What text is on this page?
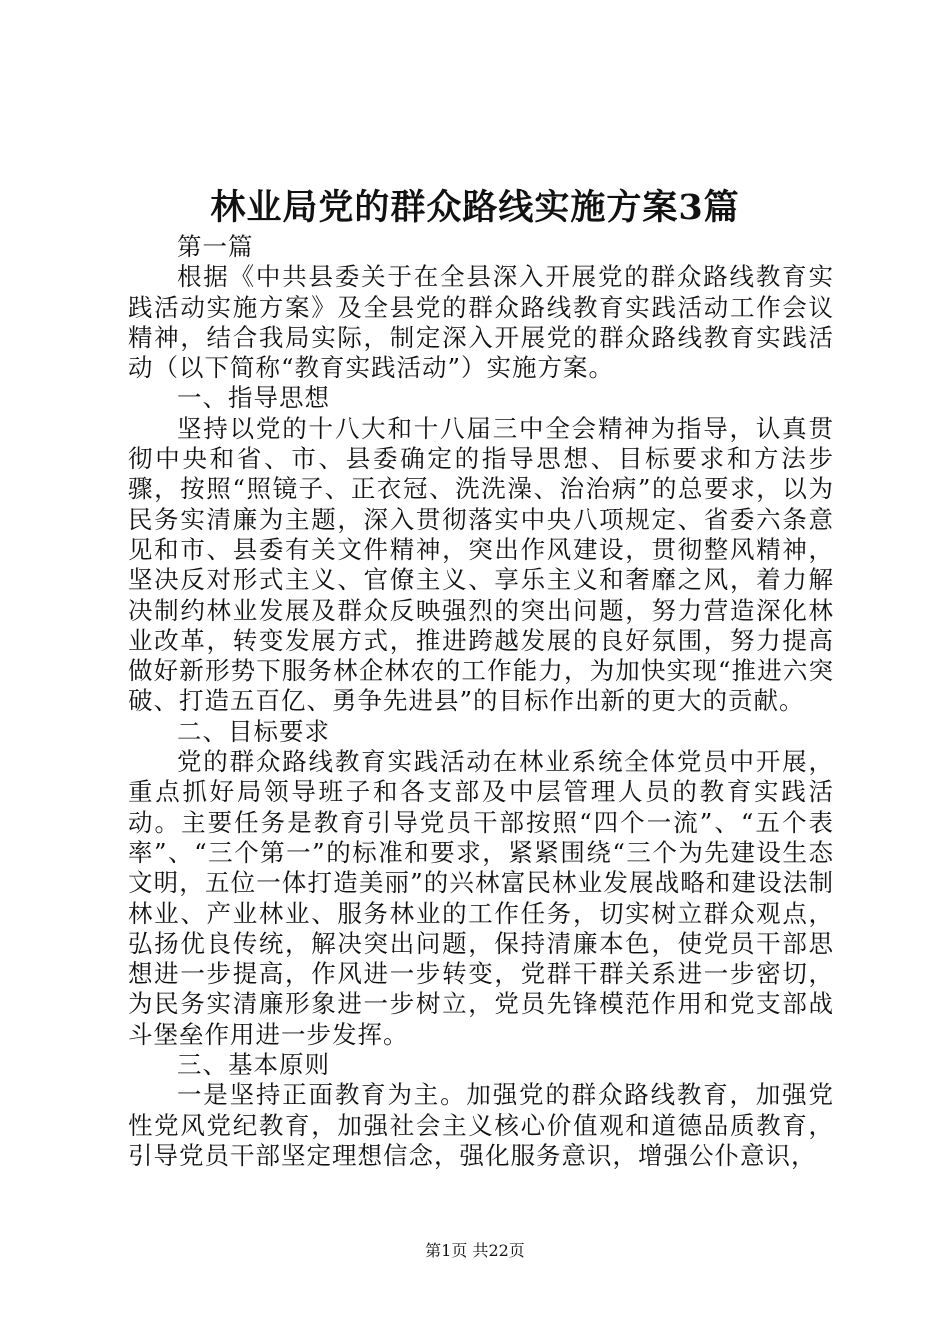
林业局党的群众路线实施方案3篇

第一篇

根据《中共县委关于在全县深入开展党的群众路线教育实践活动实施方案》及全县党的群众路线教育实践活动工作会议精神，结合我局实际，制定深入开展党的群众路线教育实践活动（以下简称“教育实践活动”）实施方案。

一、指导思想

坚持以党的十八大和十八届三中全会精神为指导，认真贯彻中央和省、市、县委确定的指导思想、目标要求和方法步骤，按照“照镜子、正衣冠、洗洗澡、治治病”的总要求，以为民务实清廉为主题，深入贯彻落实中央八项规定、省委六条意见和市、县委有关文件精神，突出作风建设，贯彻整风精神，坚决反对形式主义、官僚主义、享乐主义和奢靡之风，着力解决制约林业发展及群众反映强烈的突出问题，努力营造深化林业改革，转变发展方式，推进跨越发展的良好氛围，努力提高做好新形势下服务林企林农的工作能力，为加快实现“推进六突破、打造五百亿、勇争先进县”的目标作出新的更大的贡献。

二、目标要求

党的群众路线教育实践活动在林业系统全体党员中开展，重点抓好局领导班子和各支部及中层管理人员的教育实践活动。主要任务是教育引导党员干部按照“四个一流”、“五个表率”、“三个第一”的标准和要求，紧紧围绕“三个为先建设生态文明，五位一体打造美丽”的兴林富民林业发展战略和建设法制林业、产业林业、服务林业的工作任务，切实树立群众观点，弘扬优良传统，解决突出问题，保持清廉本色，使党员干部思想进一步提高，作风进一步转变，党群干群关系进一步密切，为民务实清廉形象进一步树立，党员先锋模范作用和党支部战斗堡垒作用进一步发挥。

三、基本原则

一是坚持正面教育为主。加强党的群众路线教育，加强党性党风党纪教育，加强社会主义核心价值观和道德品质教育，引导党员干部坚定理想信念，强化服务意识，增强公仆意识，

第1页 共22页
